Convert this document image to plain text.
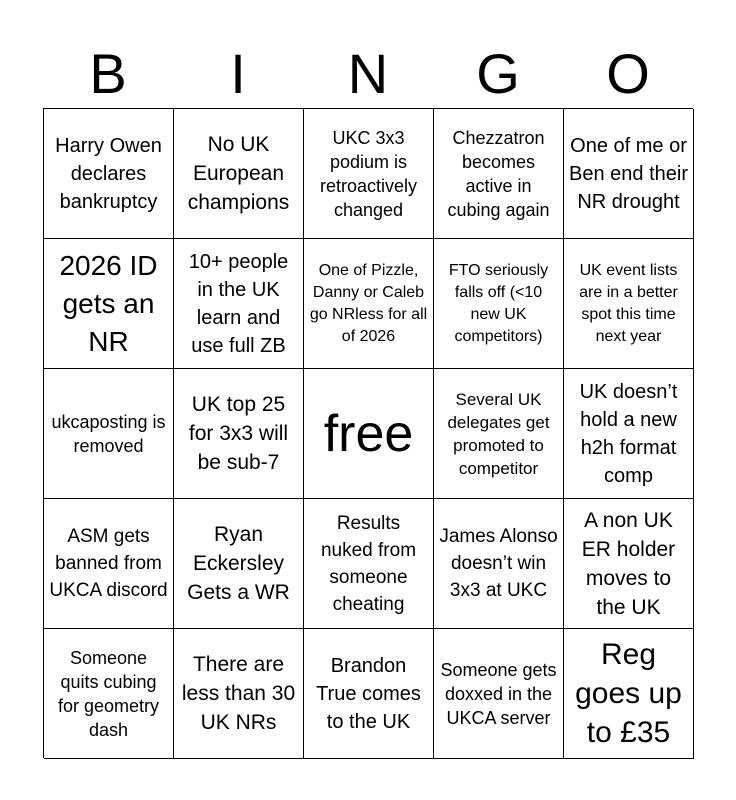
B	I	N	G	O
Harry Owen declares bankruptcy
No UK European champions
UKC 3x3 podium is retroactively changed
Chezzatron becomes active in cubing again
One of me or Ben end their NR drought
2026 ID gets an NR
10+ people in the UK learn and use full ZB
One of Pizzle, Danny or Caleb go NRless for all of 2026
FTO seriously falls off (<10 new UK competitors)
UK event lists are in a better spot this time next year
ukcaposting is removed
UK top 25 for 3x3 will be sub-7 free
Several UK delegates get promoted to competitor
UK doesn’t hold a new h2h format comp
ASM gets banned from UKCA discord
Ryan Eckersley Gets a WR
Results nuked from someone cheating
James Alonso doesn’t win 3x3 at UKC
A non UK ER holder moves to the UK
Someone quits cubing for geometry dash
There are less than 30 UK NRs
Brandon True comes to the UK
Someone gets doxxed in the UKCA server
Reg goes up to £35
